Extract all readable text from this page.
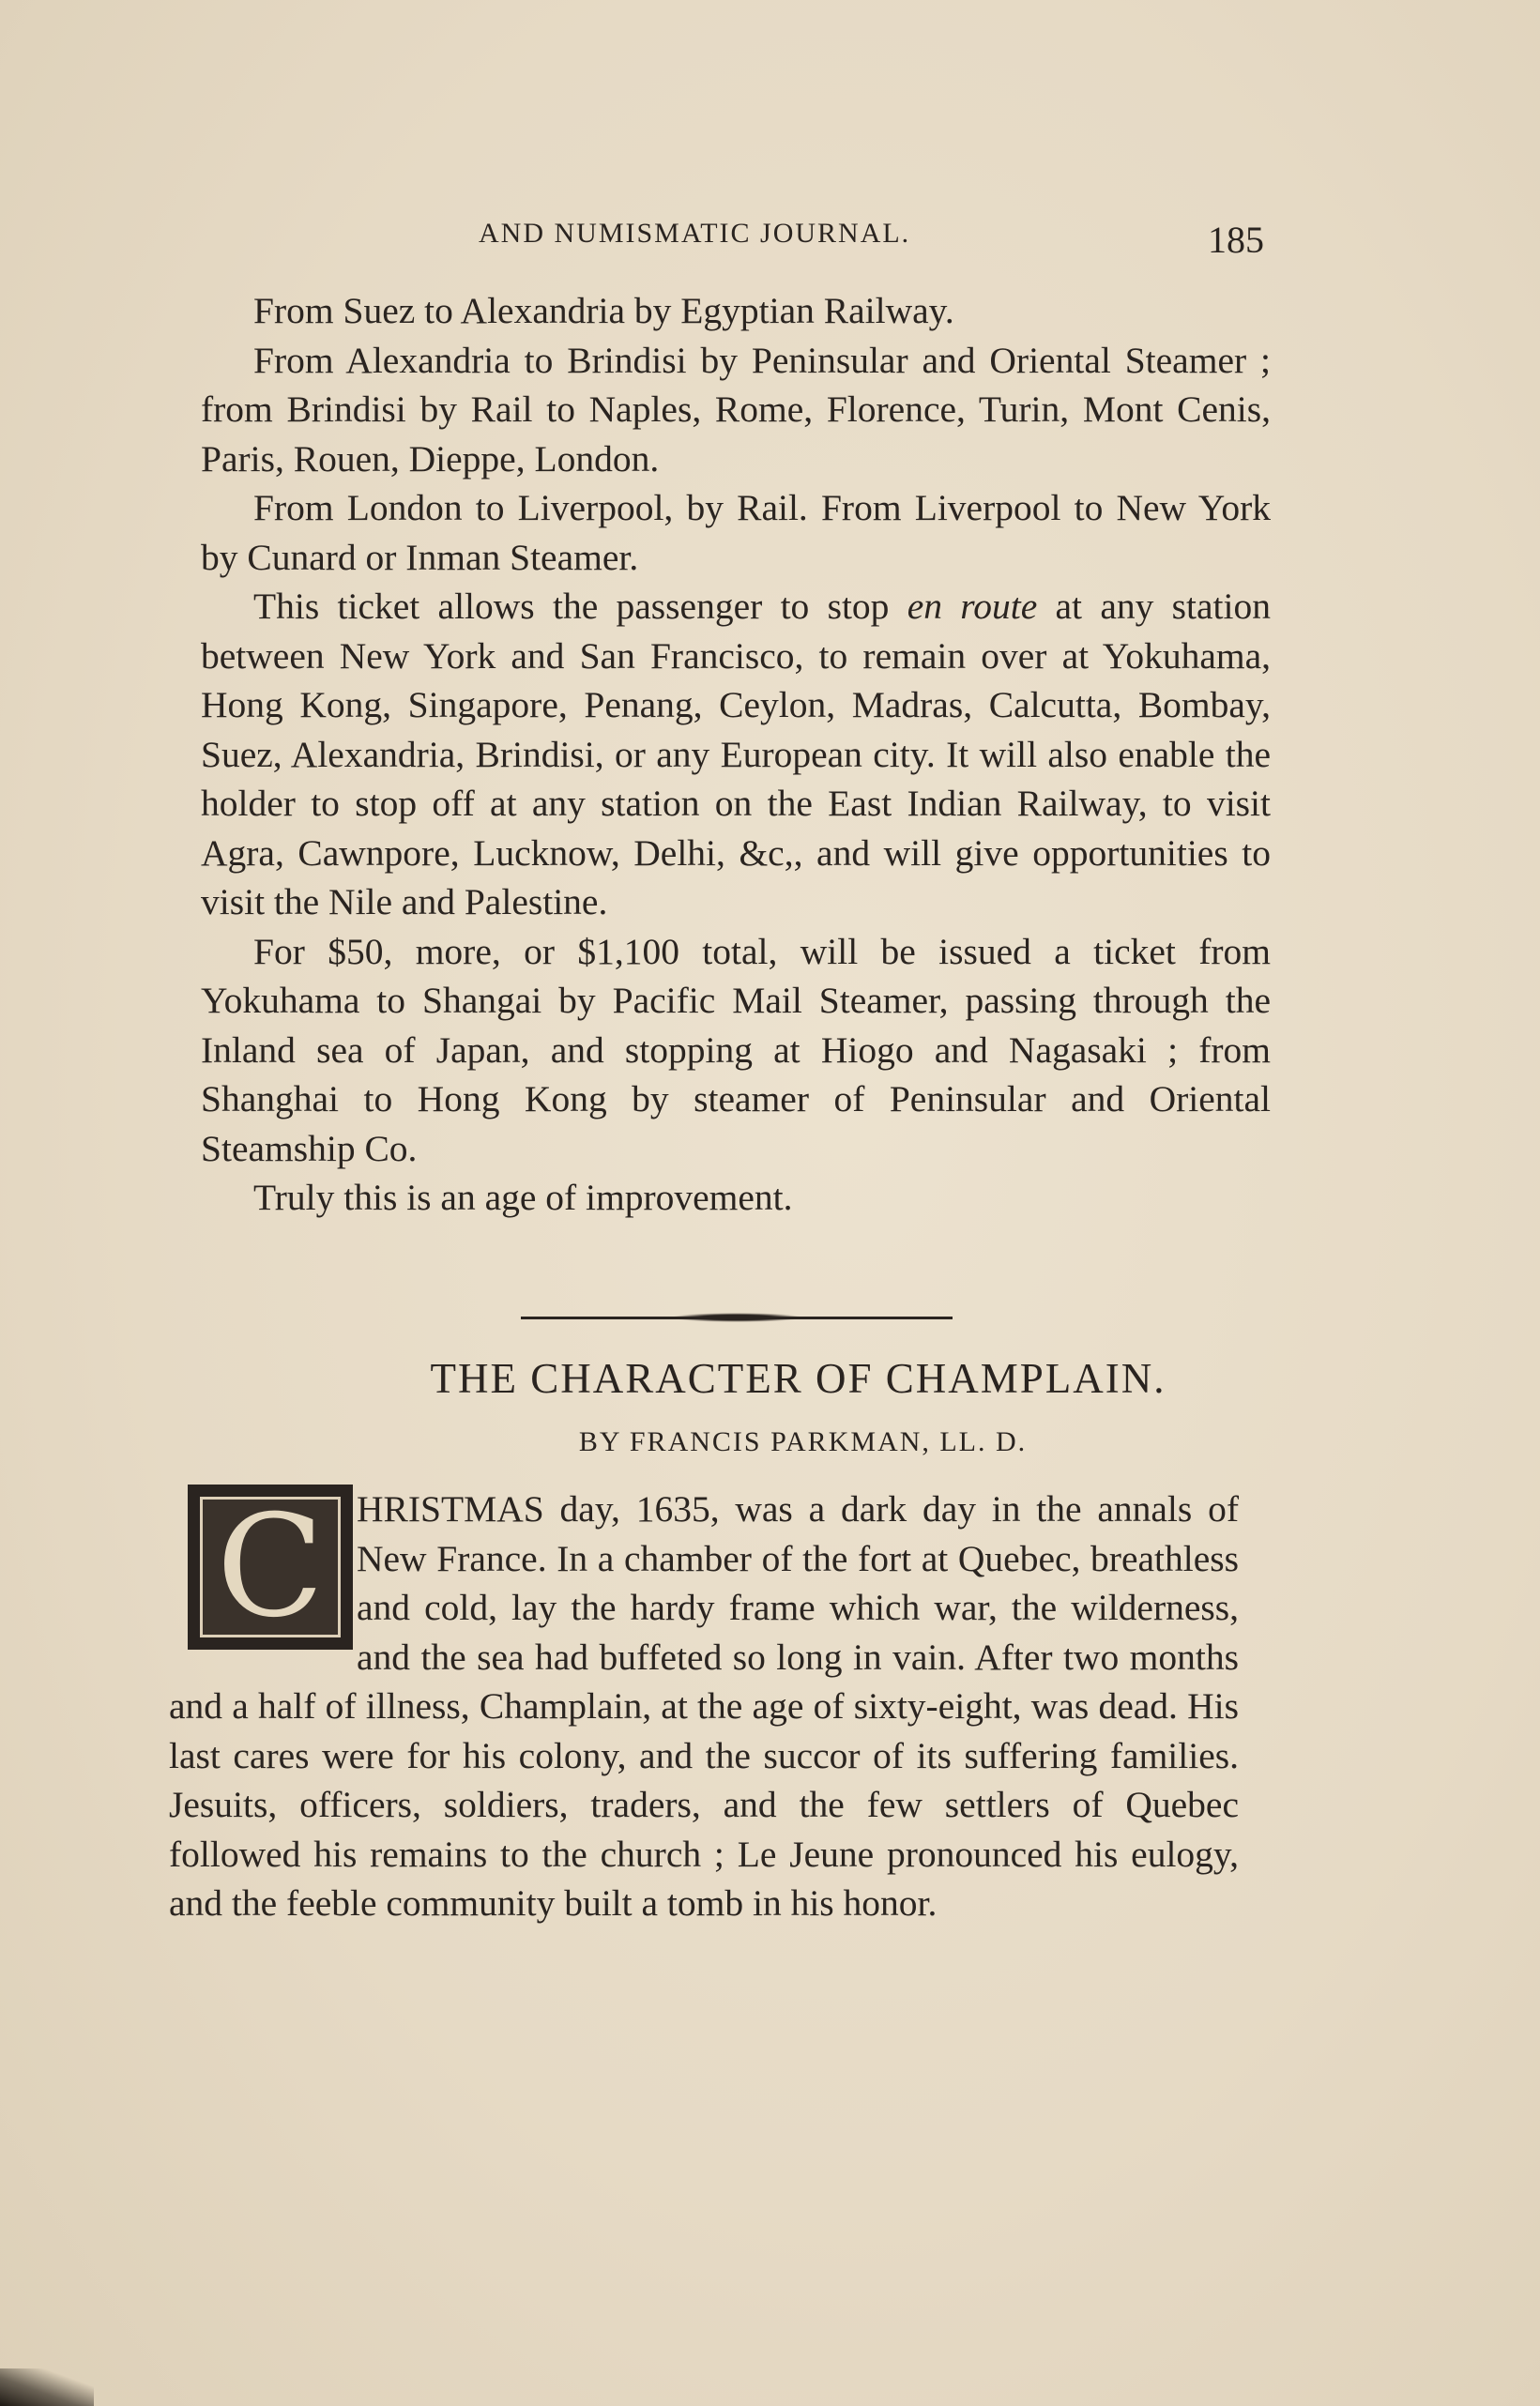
AND NUMISMATIC JOURNAL.	185

From Suez to Alexandria by Egyptian Railway.

From Alexandria to Brindisi by Peninsular and Oriental Steamer ; from Brindisi by Rail to Naples, Rome, Florence, Turin, Mont Cenis, Paris, Rouen, Dieppe, London.

From London to Liverpool, by Rail. From Liverpool to New York by Cunard or Inman Steamer.

This ticket allows the passenger to stop en route at any station between New York and San Francisco, to remain over at Yokuhama, Hong Kong, Singapore, Penang, Ceylon, Madras, Calcutta, Bombay, Suez, Alexandria, Brindisi, or any European city. It will also enable the holder to stop off at any station on the East Indian Railway, to visit Agra, Cawnpore, Lucknow, Delhi, &c,, and will give opportunities to visit the Nile and Palestine.

For $50, more, or $1,100 total, will be issued a ticket from Yokuhama to Shangai by Pacific Mail Steamer, passing through the Inland sea of Japan, and stopping at Hiogo and Nagasaki ; from Shanghai to Hong Kong by steamer of Peninsular and Oriental Steamship Co.

Truly this is an age of improvement.

THE CHARACTER OF CHAMPLAIN.
BY FRANCIS PARKMAN, LL. D.
C HRISTMAS day, 1635, was a dark day in the annals of New France. In a chamber of the fort at Quebec, breathless and cold, lay the hardy frame which war, the wilderness, and the sea had buffeted so long in vain. After two months and a half of illness, Champlain, at the age of sixty-eight, was dead. His last cares were for his colony, and the succor of its suffering families. Jesuits, officers, soldiers, traders, and the few settlers of Quebec followed his remains to the church ; Le Jeune pronounced his eulogy, and the feeble community built a tomb in his honor.
